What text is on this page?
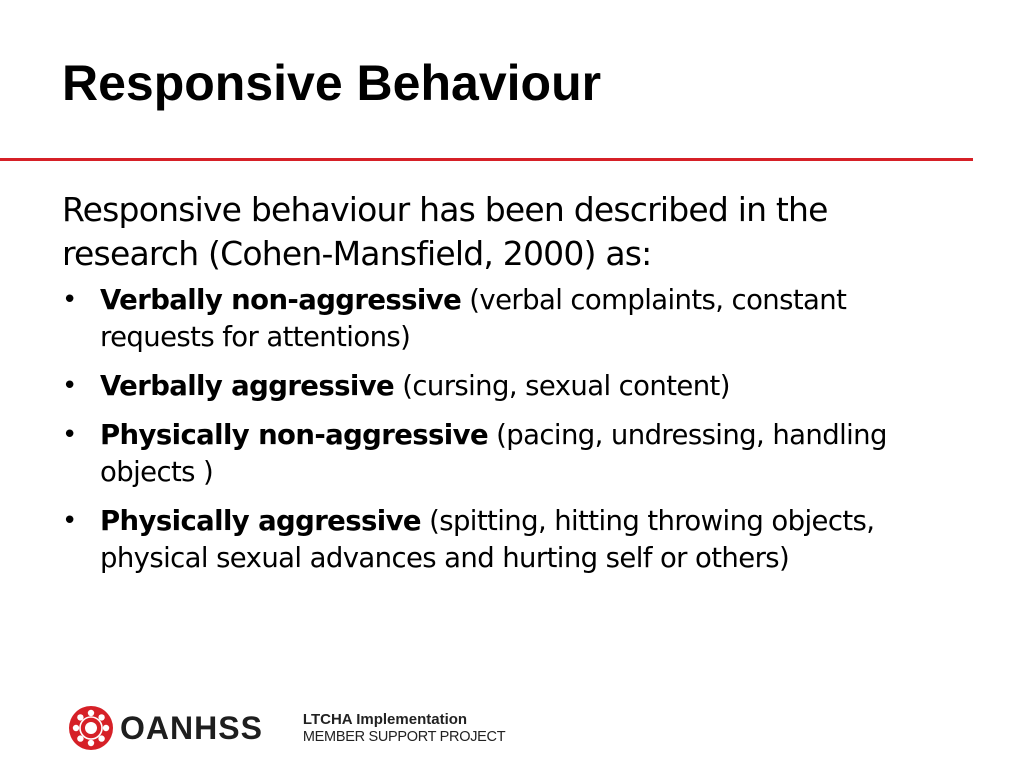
Responsive Behaviour

Responsive behaviour has been described in the research (Cohen-Mansfield, 2000) as:

• Verbally non-aggressive (verbal complaints, constant requests for attentions)
• Verbally aggressive (cursing, sexual content)
• Physically non-aggressive (pacing, undressing, handling objects )
• Physically aggressive (spitting, hitting throwing objects, physical sexual advances and hurting self or others)
OANHSS	LTCHA Implementation
MEMBER SUPPORT PROJECT
